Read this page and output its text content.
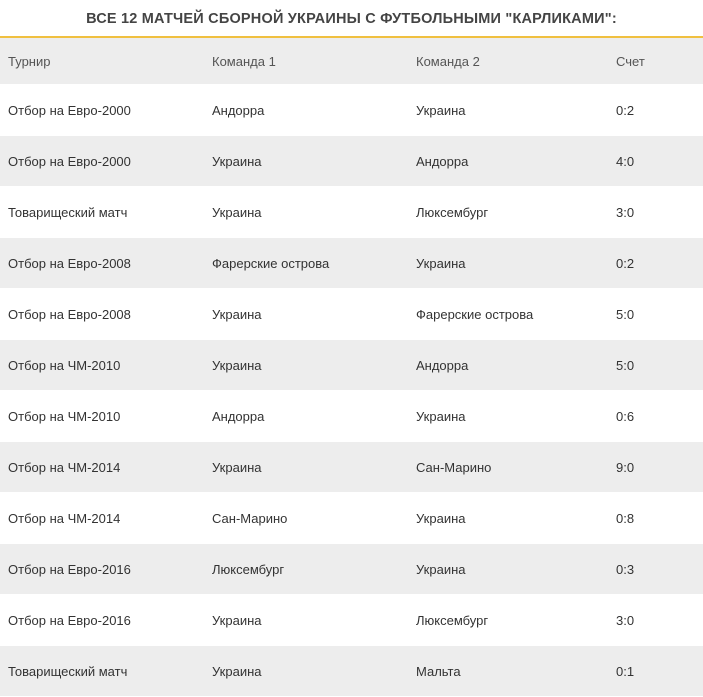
ВСЕ 12 МАТЧЕЙ СБОРНОЙ УКРАИНЫ С ФУТБОЛЬНЫМИ "КАРЛИКАМИ":
Турнир	Команда 1	Команда 2	Счет
Отбор на Евро-2000	Андорра	Украина	0:2
Отбор на Евро-2000	Украина	Андорра	4:0
Товарищеский матч	Украина	Люксембург	3:0
Отбор на Евро-2008	Фарерские острова	Украина	0:2
Отбор на Евро-2008	Украина	Фарерские острова	5:0
Отбор на ЧМ-2010	Украина	Андорра	5:0
Отбор на ЧМ-2010	Андорра	Украина	0:6
Отбор на ЧМ-2014	Украина	Сан-Марино	9:0
Отбор на ЧМ-2014	Сан-Марино	Украина	0:8
Отбор на Евро-2016	Люксембург	Украина	0:3
Отбор на Евро-2016	Украина	Люксембург	3:0
Товарищеский матч	Украина	Мальта	0:1
